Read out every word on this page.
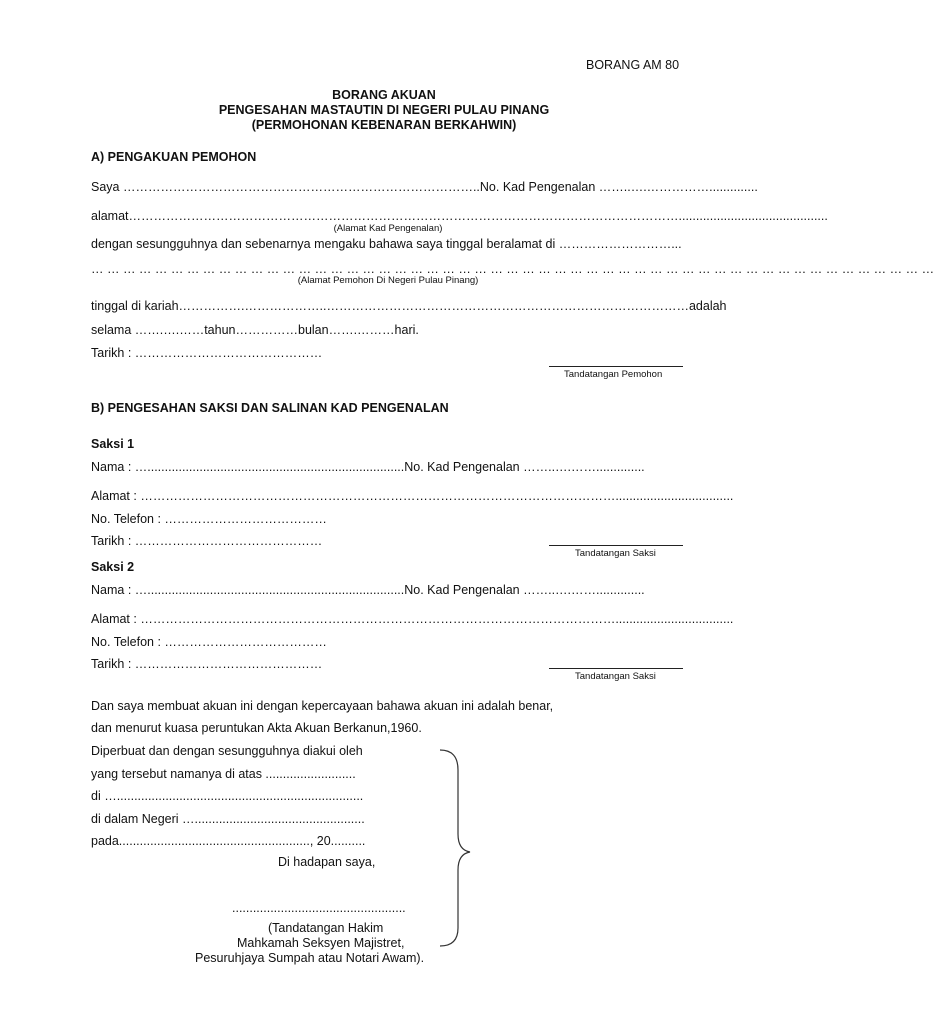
BORANG AM 80
BORANG AKUAN
PENGESAHAN MASTAUTIN DI NEGERI PULAU PINANG
(PERMOHONAN KEBENARAN BERKAHWIN)
A) PENGAKUAN PEMOHON
Saya …………………………………………………………………………..No. Kad Pengenalan ……..….……………..............
alamat……………………………………………………………………………………………………………………...........................................
(Alamat Kad Pengenalan)
dengan sesungguhnya dan sebenarnya mengaku bahawa saya tinggal beralamat di ………………………...
… … … … … … … … … … … … … … … … … … … … … … … … … … … … … … … … … … … … … … … … … … … … … … … … … … … … …
(Alamat Pemohon Di Negeri Pulau Pinang)
tinggal di kariah…………….………………..……………………………………………………………………………adalah
selama …….….……tahun……………bulan…….………hari.
Tarikh : ………………………………………
Tandatangan Pemohon
B) PENGESAHAN SAKSI DAN SALINAN KAD PENGENALAN
Saksi 1
Nama : …..........................................................................No. Kad Pengenalan ……..….……..............
Alamat : ……………………………………………………………………………………………………..................................
No. Telefon : …………………………………
Tarikh : ………………………………………
Tandatangan Saksi
Saksi 2
Nama : …..........................................................................No. Kad Pengenalan ……..….……..............
Alamat : ……………………………………………………………………………………………………..................................
No. Telefon : …………………………………
Tarikh : ………………………………………
Tandatangan Saksi
Dan saya membuat akuan ini dengan kepercayaan bahawa akuan ini adalah benar,
dan menurut kuasa peruntukan Akta Akuan Berkanun,1960.
Diperbuat dan dengan sesungguhnya diakui oleh
yang tersebut namanya di atas ..........................
di ….......................................................................
di dalam Negeri ….................................................
pada......................................................., 20..........
Di hadapan saya,
..................................................
(Tandatangan Hakim
Mahkamah Seksyen Majistret,
Pesuruhjaya Sumpah atau Notari Awam).
